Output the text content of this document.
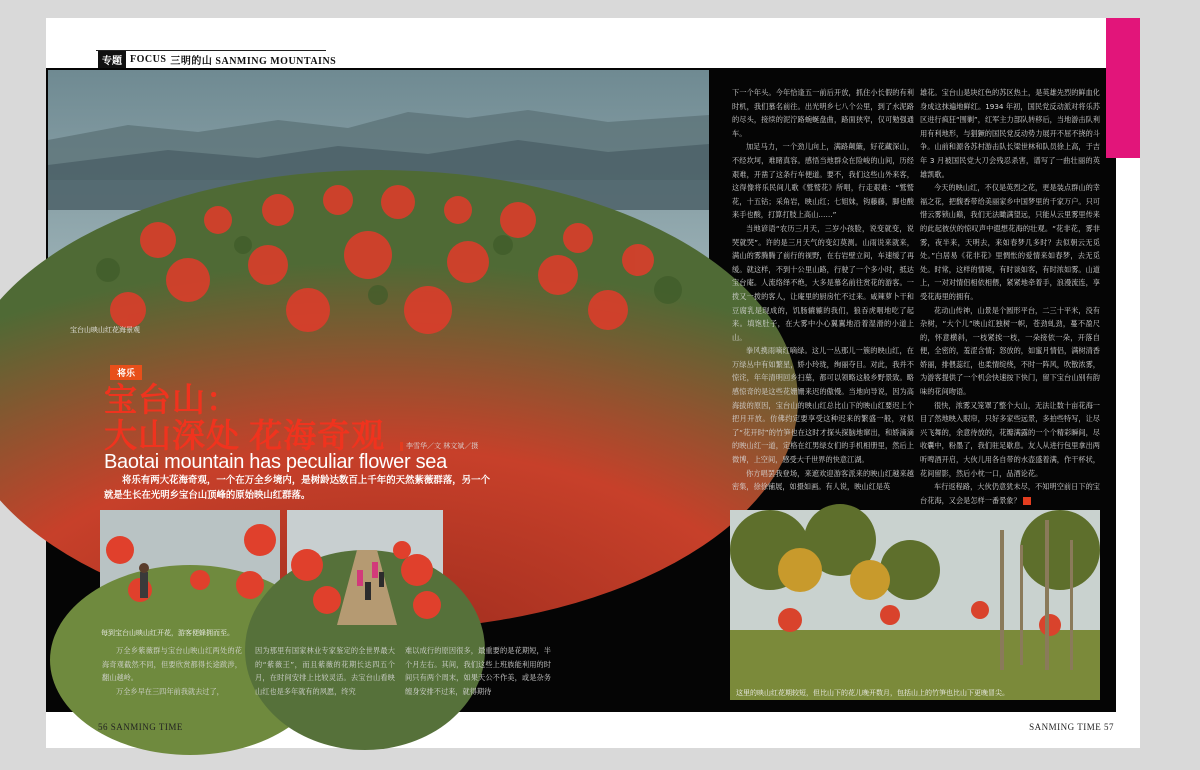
专题 FOCUS 三明的山 SANMING MOUNTAINS
宝台山映山红花海景观
将乐
宝台山：
大山深处 花海奇观	李雪华／文 林文斌／摄
Baotai mountain has peculiar flower sea
将乐有两大花海奇观，一个在万全乡境内，是树龄达数百上千年的天然紫薇群落，另一个就是生长在光明乡宝台山顶峰的原始映山红群落。
每到宝台山映山红开花，游客便蜂拥而至。

万全乡紫薇群与宝台山映山红两处的花海奇观截然不同，但要欣赏都得长途跋涉，翻山越岭。

万全乡早在三四年前我就去过了，

因为那里有国家林业专家鉴定的全世界最大的“紫薇王”，而且紫薇的花期长达四五个月，在时间安排上比较灵活。去宝台山看映山红也是多年就有的夙愿，终究

难以成行的原因很多，最重要的是花期短，半个月左右。其间，我们这些上班族能利用的时间只有两个周末，如果天公不作美，或是杂务缠身安排不过来，就得期待

下一个年头。今年恰逢五一前后开放，抓住小长假的有利时机，我们慕名前往。出光明乡七八个公里，到了水泥路的尽头，接续的泥泞路蜿蜒盘曲，路面狭窄，仅可勉强通车。

加足马力，一个劲儿向上，满路颠簸，好花藏深山，不经坎坷，难睹真容。感悟当地群众在险峻的山间，历经艰难，开凿了这条行车便道。要不，我们这些山外来客，这得像将乐民间儿歌《鹫鹫花》所唱，行走艰难：“鹫鹫花，十五钴；采角岩，映山红；七姐妹，钩藤藤，脚也酸来手也酸，打算打肢上高山……”

当地谚语“农历三月天，三岁小孩脸，说变就变，说哭就哭”。许的是三月天气的变幻莫测。山雨说来就来，满山的雾腾腾了前行的视野，在右岩壁立间，车速缓了再缓。就这样，不到十公里山路，行驶了一个多小时，抵达宝台庵。人流络绎不绝，大多是慕名前往赏花的游客。一拨又一拨的客人，让庵里的厨房忙不过来。咸辣萝卜干和豆腐乳是现成的，饥肠辘辘的我们，狼吞虎咽地吃了起来。填饱肚子，在大雾中小心翼翼地沿着湿滑的小道上山。

拳风携雨嘀红嘀绿。这儿一丛那儿一簇的映山红，在万绿丛中有如繁星，娇小玲珑，绚丽夺目。对此，我并不惊诧，年年清明回乡扫墓，都可以领略这般乡野景致。略感惊奇的是这些花姗姗来迟的傲慢。当地向导说，因为高海拔的原因，宝台山的映山红总比山下的映山红要迟上个把月开放。仿佛约定要享受这种迟来的繁盛一般，对似了“花开时”的竹笋也在这时才探头探脑地窜出，和娇滴滴的映山红一道，定格在红男绿女们的手机相册里，然后上微博，上空间，感受大千世界的快意江湖。

你方唱罢我登场，来遮欢迎游客派来的映山红越来越密集，徐徐铺展，如摄如画。有人说，映山红是英

雄花。宝台山是块红色的苏区热土，是英雄先烈的鲜血化身成这抹遍地鲜红。1934 年初，国民党反动派对将乐苏区进行疯狂“围剿”，红军主力部队转移后，当地游击队利用有利地形，与猖獗的国民党反动势力展开不屈不挠的斗争。山前和源各苏村游击队长梁世林和队员徐上高，于吉年 3 月被国民党大刀会残忍杀害，谱写了一曲壮丽的英雄凯歌。

今天的映山红，不仅是英烈之花，更是装点群山的幸福之花，把馥香带给美丽家乡中国梦里的千家万户。只可惜云雾锁山巅，我们无法瞰满望远，只能从云里雾里传来的此起彼伏的惊叹声中遐想花海的壮观。“花非花，雾非雾，夜半来，天明去，来如春梦几多时？去似朝云无觅处。”白居易《花非花》里惆怅的爱情来如春梦，去无觅处。时常，这样的情境，有时谈如客，有时浓如雾。山道上，一对对情侣相依相偎，紧紧地牵着手，浪漫流连，享受花海里的拥有。

花动山传神，山景是个圆形平台，二三十平米，没有杂树，“大个儿”映山红独树一帜，苍劲虬劲，蔓不盈尺的，怀意横斜，一枝紧挨一枝，一朵接依一朵，开落自便，全密的，羞涩含情；怒放的，如蜜月情侣，满树清香娇丽，排偎蕊红，也柔情绽绕，不时一阵风，吹散浓雾，为游客提供了一个机会快速按下快门，留下宝台山别有韵味的花间吻语。

很快，浓雾又笼罩了整个大山，无法让数十亩花海一目了然地映入眼帘，只好多家些远景，多拍些特写，让尽兴飞舞的，余意待放的，花瓣满露的一个个精彩瞬间，尽收囊中，粉墨了，我们驻足歇息。友人从进行包里拿出两听啤酒开启，大伙儿用各自带的水壶盛着满，作干杯状，花间留影，然后小枕一口，品酒论花。

车行返程路，大伙仍意犹未尽，不知明空前日下的宝台花海，又会是怎样一番景象？

这里的映山红花期较短，但比山下的花儿晚开数月，包括山上的竹笋也比山下更晚冒尖。
56 SANMING TIME	SANMING TIME 57
